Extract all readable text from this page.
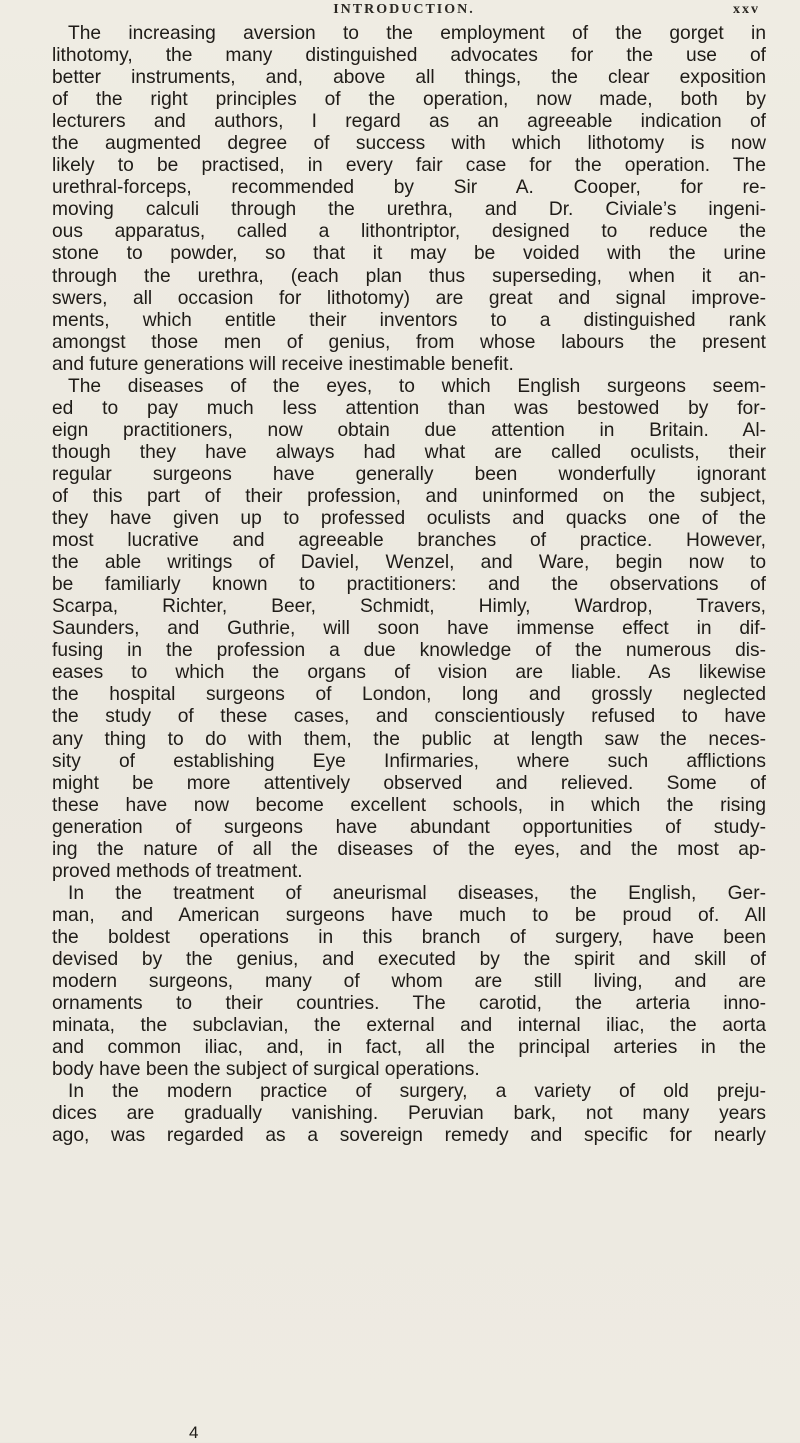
INTRODUCTION.	xxv
The increasing aversion to the employment of the gorget in
lithotomy, the many distinguished advocates for the use of
better instruments, and, above all things, the clear exposition
of the right principles of the operation, now made, both by
lecturers and authors, I regard as an agreeable indication of
the augmented degree of success with which lithotomy is now
likely to be practised, in every fair case for the operation. The
urethral-forceps, recommended by Sir A. Cooper, for re-
moving calculi through the urethra, and Dr. Civiale’s ingeni-
ous apparatus, called a lithontriptor, designed to reduce the
stone to powder, so that it may be voided with the urine
through the urethra, (each plan thus superseding, when it an-
swers, all occasion for lithotomy) are great and signal improve-
ments, which entitle their inventors to a distinguished rank
amongst those men of genius, from whose labours the present
and future generations will receive inestimable benefit.
The diseases of the eyes, to which English surgeons seem-
ed to pay much less attention than was bestowed by for-
eign practitioners, now obtain due attention in Britain. Al-
though they have always had what are called oculists, their
regular surgeons have generally been wonderfully ignorant
of this part of their profession, and uninformed on the subject,
they have given up to professed oculists and quacks one of the
most lucrative and agreeable branches of practice. However,
the able writings of Daviel, Wenzel, and Ware, begin now to
be familiarly known to practitioners: and the observations of
Scarpa, Richter, Beer, Schmidt, Himly, Wardrop, Travers,
Saunders, and Guthrie, will soon have immense effect in dif-
fusing in the profession a due knowledge of the numerous dis-
eases to which the organs of vision are liable. As likewise
the hospital surgeons of London, long and grossly neglected
the study of these cases, and conscientiously refused to have
any thing to do with them, the public at length saw the neces-
sity of establishing Eye Infirmaries, where such afflictions
might be more attentively observed and relieved. Some of
these have now become excellent schools, in which the rising
generation of surgeons have abundant opportunities of study-
ing the nature of all the diseases of the eyes, and the most ap-
proved methods of treatment.
In the treatment of aneurismal diseases, the English, Ger-
man, and American surgeons have much to be proud of. All
the boldest operations in this branch of surgery, have been
devised by the genius, and executed by the spirit and skill of
modern surgeons, many of whom are still living, and are
ornaments to their countries. The carotid, the arteria inno-
minata, the subclavian, the external and internal iliac, the aorta
and common iliac, and, in fact, all the principal arteries in the
body have been the subject of surgical operations.
In the modern practice of surgery, a variety of old preju-
dices are gradually vanishing. Peruvian bark, not many years
ago, was regarded as a sovereign remedy and specific for nearly
4
